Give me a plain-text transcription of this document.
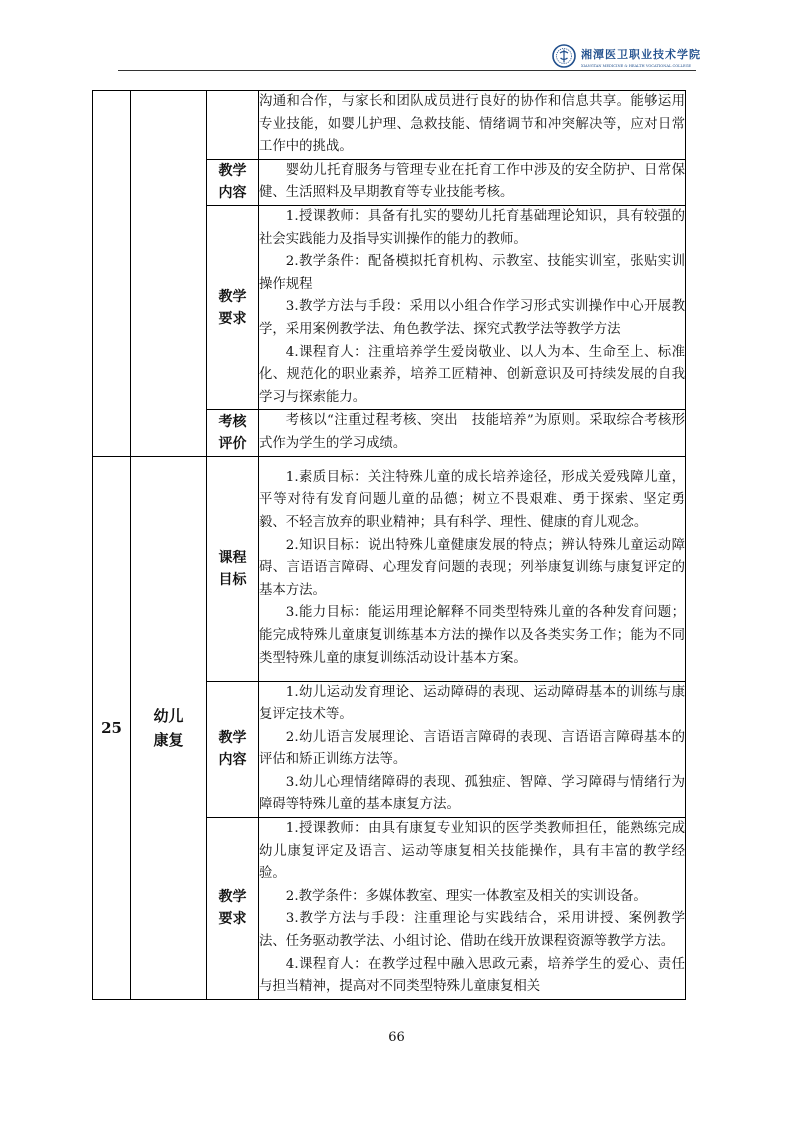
湘潭医卫职业技术学院
XIANGTAN MEDICINE & HEALTH VOCATIONAL COLLEGE

			沟通和合作，与家长和团队成员进行良好的协作和信息共享。能够运用专业技能，如婴儿护理、急救技能、情绪调节和冲突解决等，应对日常工作中的挑战。

		教学内容	婴幼儿托育服务与管理专业在托育工作中涉及的安全防护、日常保　健、生活照料及早期教育等专业技能考核。

		教学要求	1.授课教师：具备有扎实的婴幼儿托育基础理论知识，具有较强的　社会实践能力及指导实训操作的能力的教师。

2.教学条件：配备模拟托育机构、示教室、技能实训室，张贴实训操作规程

3.教学方法与手段：采用以小组合作学习形式实训操作中心开展教学，采用案例教学法、角色教学法、探究式教学法等教学方法

4.课程育人：注重培养学生爱岗敬业、以人为本、生命至上、标准化、规范化的职业素养，培养工匠精神、创新意识及可持续发展的自我学习与探索能力。

		考核评价	考核以“注重过程考核、突出　技能培养”为原则。采取综合考核形式作为学生的学习成绩。

25	幼儿康复	课程目标	1.素质目标：关注特殊儿童的成长培养途径，形成关爱残障儿童，平等对待有发育问题儿童的品德；树立不畏艰难、勇于探索、坚定勇毅、不轻言放弃的职业精神；具有科学、理性、健康的育儿观念。

2.知识目标：说出特殊儿童健康发展的特点；辨认特殊儿童运动障碍、言语语言障碍、心理发育问题的表现；列举康复训练与康复评定的基本方法。

3.能力目标：能运用理论解释不同类型特殊儿童的各种发育问题；能完成特殊儿童康复训练基本方法的操作以及各类实务工作；能为不同类型特殊儿童的康复训练活动设计基本方案。

		教学内容	1.幼儿运动发育理论、运动障碍的表现、运动障碍基本的训练与康复评定技术等。

2.幼儿语言发展理论、言语语言障碍的表现、言语语言障碍基本的评估和矫正训练方法等。

3.幼儿心理情绪障碍的表现、孤独症、智障、学习障碍与情绪行为障碍等特殊儿童的基本康复方法。

		教学要求	1.授课教师：由具有康复专业知识的医学类教师担任，能熟练完成幼儿康复评定及语言、运动等康复相关技能操作，具有丰富的教学经验。

2.教学条件：多媒体教室、理实一体教室及相关的实训设备。

3.教学方法与手段：注重理论与实践结合，采用讲授、案例教学法、任务驱动教学法、小组讨论、借助在线开放课程资源等教学方法。

4.课程育人：在教学过程中融入思政元素，培养学生的爱心、责任与担当精神，提高对不同类型特殊儿童康复相关

66
